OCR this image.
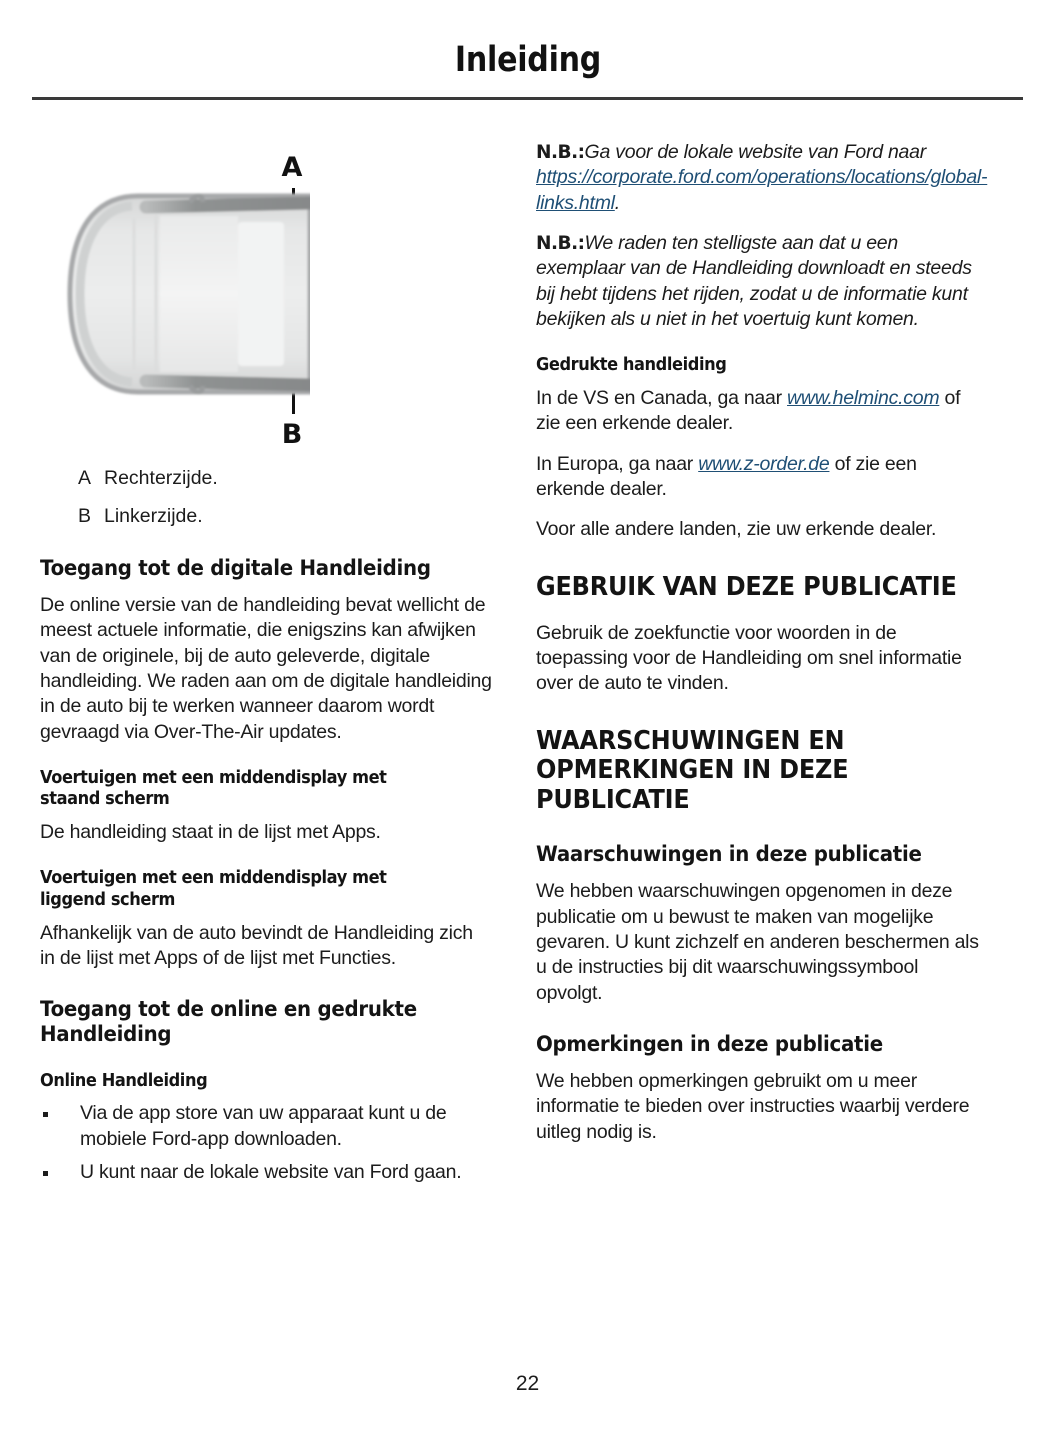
Inleiding
A
B
A Rechterzijde.
B Linkerzijde.
Toegang tot de digitale Handleiding

De online versie van de handleiding bevat wellicht de meest actuele informatie, die enigszins kan afwijken van de originele, bij de auto geleverde, digitale handleiding. We raden aan om de digitale handleiding in de auto bij te werken wanneer daarom wordt gevraagd via Over-The-Air updates.

Voertuigen met een middendisplay met staand scherm

De handleiding staat in de lijst met Apps.

Voertuigen met een middendisplay met liggend scherm

Afhankelijk van de auto bevindt de Handleiding zich in de lijst met Apps of de lijst met Functies.

Toegang tot de online en gedrukte Handleiding
Online Handleiding
Via de app store van uw apparaat kunt u de mobiele Ford-app downloaden.
U kunt naar de lokale website van Ford gaan.

N.B.:Ga voor de lokale website van Ford naar https://corporate.ford.com/operations/locations/global-links.html.

N.B.:We raden ten stelligste aan dat u een exemplaar van de Handleiding downloadt en steeds bij hebt tijdens het rijden, zodat u de informatie kunt bekijken als u niet in het voertuig kunt komen.

Gedrukte handleiding

In de VS en Canada, ga naar www.helminc.com of zie een erkende dealer.

In Europa, ga naar www.z-order.de of zie een erkende dealer.

Voor alle andere landen, zie uw erkende dealer.

GEBRUIK VAN DEZE PUBLICATIE

Gebruik de zoekfunctie voor woorden in de toepassing voor de Handleiding om snel informatie over de auto te vinden.

WAARSCHUWINGEN EN OPMERKINGEN IN DEZE PUBLICATIE
Waarschuwingen in deze publicatie

We hebben waarschuwingen opgenomen in deze publicatie om u bewust te maken van mogelijke gevaren. U kunt zichzelf en anderen beschermen als u de instructies bij dit waarschuwingssymbool opvolgt.

Opmerkingen in deze publicatie

We hebben opmerkingen gebruikt om u meer informatie te bieden over instructies waarbij verdere uitleg nodig is.

22
